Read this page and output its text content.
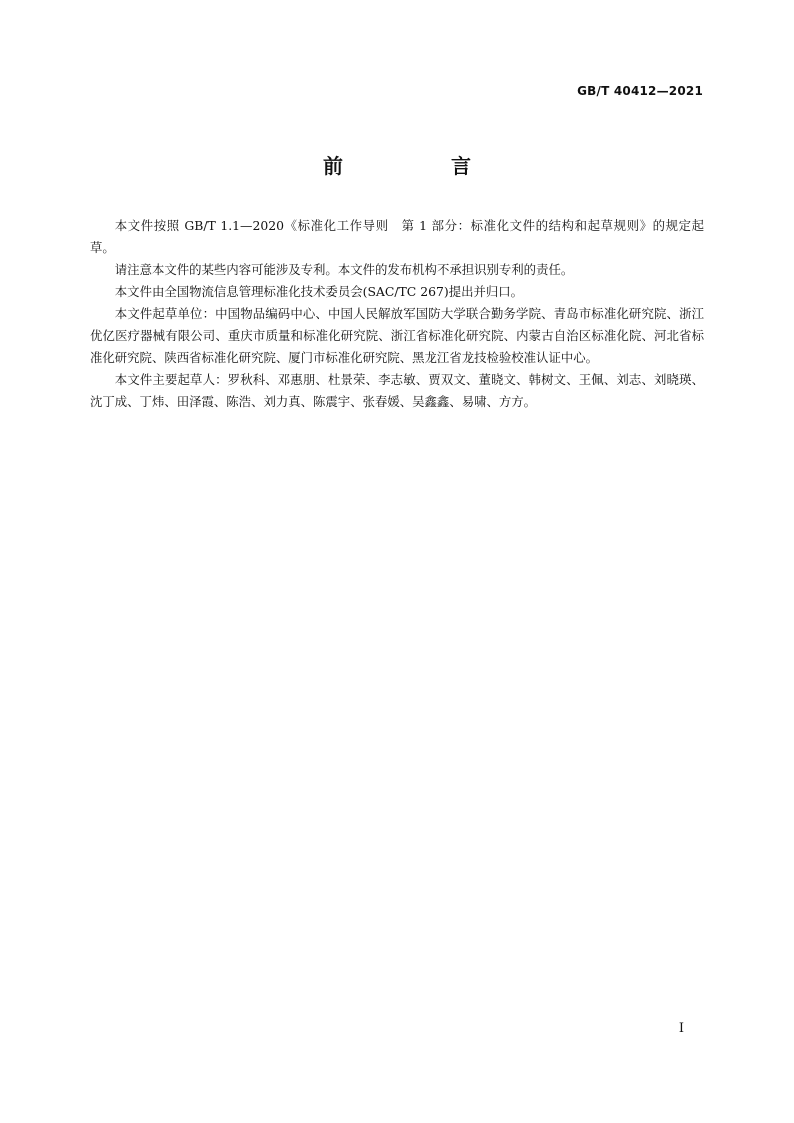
GB/T 40412—2021
前　言

本文件按照 GB/T 1.1—2020《标准化工作导则　第 1 部分：标准化文件的结构和起草规则》的规定起草。

请注意本文件的某些内容可能涉及专利。本文件的发布机构不承担识别专利的责任。

本文件由全国物流信息管理标准化技术委员会(SAC/TC 267)提出并归口。

本文件起草单位：中国物品编码中心、中国人民解放军国防大学联合勤务学院、青岛市标准化研究院、浙江优亿医疗器械有限公司、重庆市质量和标准化研究院、浙江省标准化研究院、内蒙古自治区标准化院、河北省标准化研究院、陕西省标准化研究院、厦门市标准化研究院、黑龙江省龙技检验校准认证中心。

本文件主要起草人：罗秋科、邓惠朋、杜景荣、李志敏、贾双文、董晓文、韩树文、王佩、刘志、刘晓瑛、沈丁成、丁炜、田泽霞、陈浩、刘力真、陈震宇、张春媛、吴鑫鑫、易啸、方方。

I
